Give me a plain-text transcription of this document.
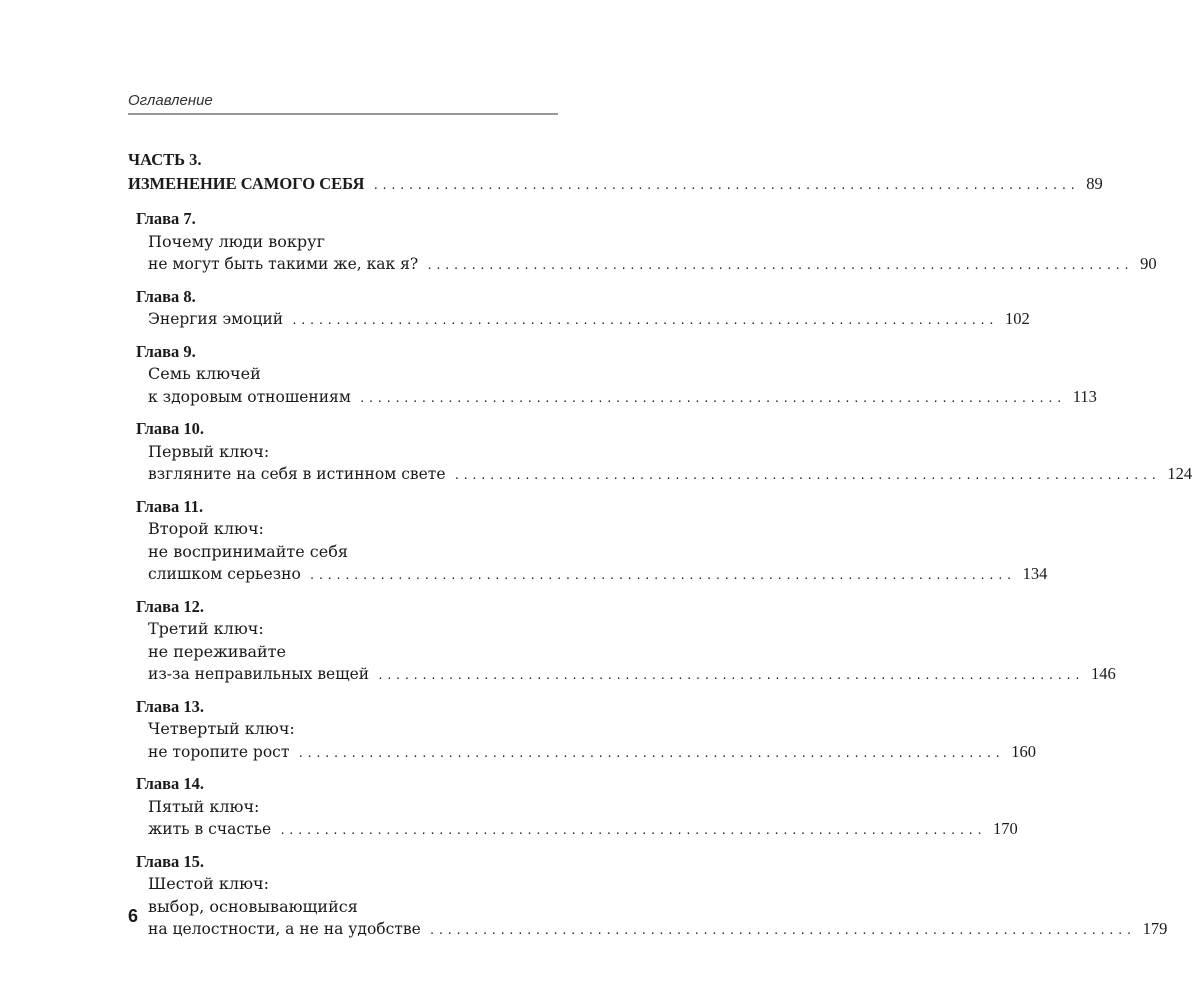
Оглавление
ЧАСТЬ 3.
ИЗМЕНЕНИЕ САМОГО СЕБЯ ................................................................................ 89
Глава 7.
Почему люди вокруг
не могут быть такими же, как я? ................................................................................ 90
Глава 8.
Энергия эмоций ................................................................................ 102
Глава 9.
Семь ключей
к здоровым отношениям ................................................................................ 113
Глава 10.
Первый ключ:
взгляните на себя в истинном свете ................................................................................ 124
Глава 11.
Второй ключ:
не воспринимайте себя
слишком серьезно ................................................................................ 134
Глава 12.
Третий ключ:
не переживайте
из-за неправильных вещей ................................................................................ 146
Глава 13.
Четвертый ключ:
не торопите рост ................................................................................ 160
Глава 14.
Пятый ключ:
жить в счастье ................................................................................ 170
Глава 15.
Шестой ключ:
выбор, основывающийся
на целостности, а не на удобстве ................................................................................ 179
6
